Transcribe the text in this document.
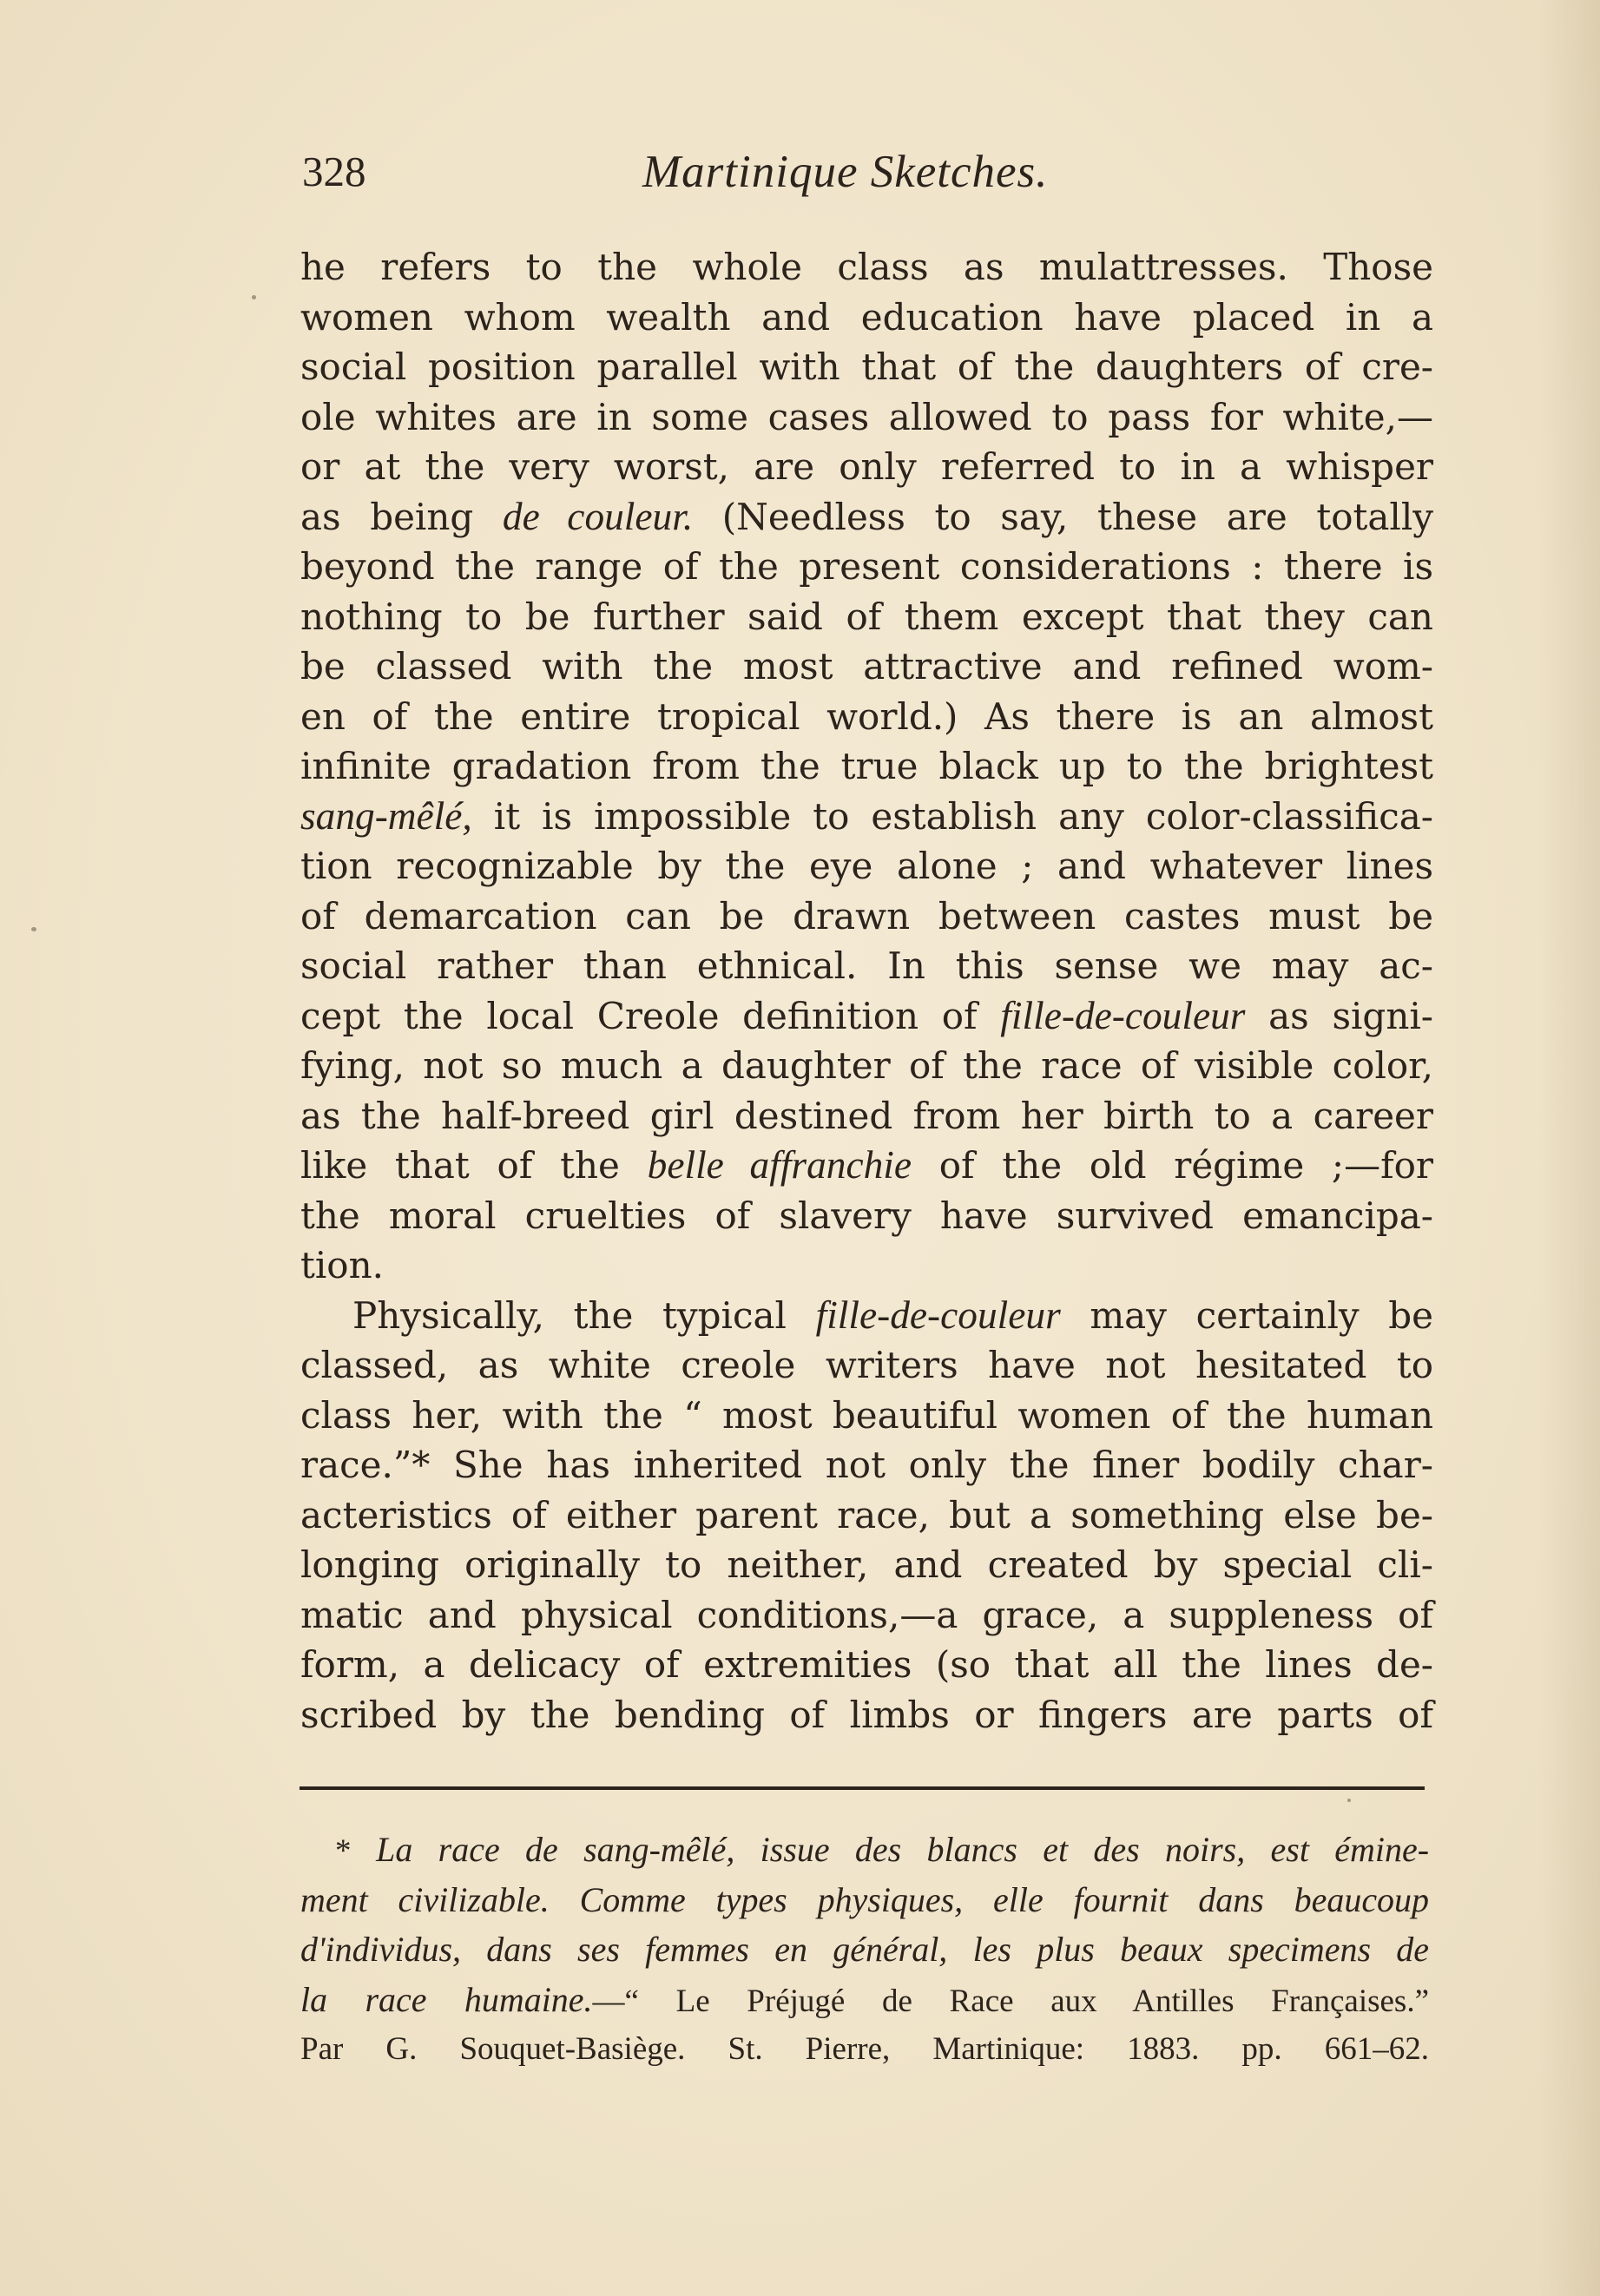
328	Martinique Sketches.
he refers to the whole class as mulattresses. Those
women whom wealth and education have placed in a
social position parallel with that of the daughters of cre-
ole whites are in some cases allowed to pass for white,—
or at the very worst, are only referred to in a whisper
as being de couleur. (Needless to say, these are totally
beyond the range of the present considerations : there is
nothing to be further said of them except that they can
be classed with the most attractive and refined wom-
en of the entire tropical world.) As there is an almost
infinite gradation from the true black up to the brightest
sang-mêlé, it is impossible to establish any color-classifica-
tion recognizable by the eye alone ; and whatever lines
of demarcation can be drawn between castes must be
social rather than ethnical. In this sense we may ac-
cept the local Creole definition of fille-de-couleur as signi-
fying, not so much a daughter of the race of visible color,
as the half-breed girl destined from her birth to a career
like that of the belle affranchie of the old régime ;—for
the moral cruelties of slavery have survived emancipa-
tion.
Physically, the typical fille-de-couleur may certainly be
classed, as white creole writers have not hesitated to
class her, with the “ most beautiful women of the human
race.”* She has inherited not only the finer bodily char-
acteristics of either parent race, but a something else be-
longing originally to neither, and created by special cli-
matic and physical conditions,—a grace, a suppleness of
form, a delicacy of extremities (so that all the lines de-
scribed by the bending of limbs or fingers are parts of
* La race de sang-mêlé, issue des blancs et des noirs, est émine-
ment civilizable. Comme types physiques, elle fournit dans beaucoup
d'individus, dans ses femmes en général, les plus beaux specimens de
la race humaine.—“ Le Préjugé de Race aux Antilles Françaises.”
Par G. Souquet-Basiège. St. Pierre, Martinique: 1883. pp. 661–62.
